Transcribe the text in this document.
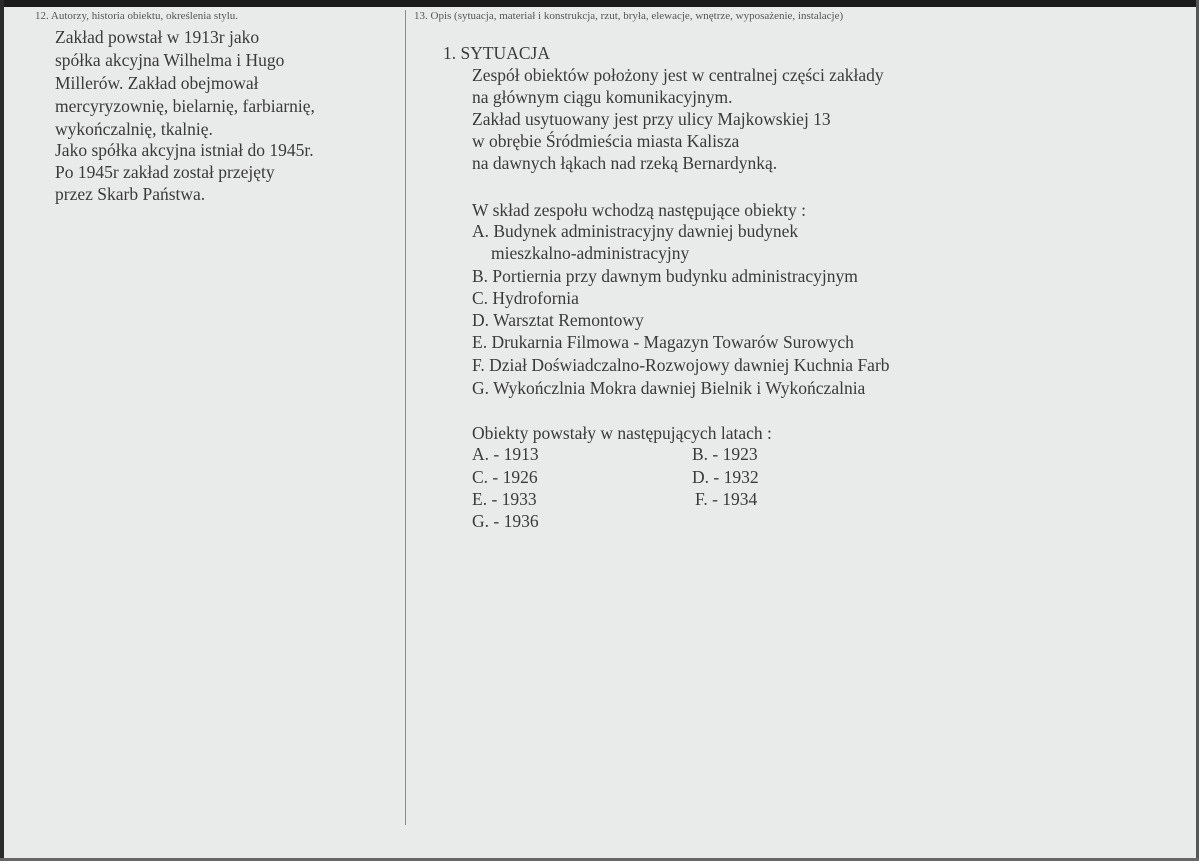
12. Autorzy, historia obiektu, określenia stylu.
Zakład powstał w 1913r jako
spółka akcyjna Wilhelma i Hugo
Millerów. Zakład obejmował
mercyryzownię, bielarnię, farbiarnię,
wykończalnię, tkalnię.
Jako spółka akcyjna istniał do 1945r.
Po 1945r zakład został przejęty
przez Skarb Państwa.
13. Opis (sytuacja, materiał i konstrukcja, rzut, bryła, elewacje, wnętrze, wyposażenie, instalacje)
1. SYTUACJA
Zespół obiektów położony jest w centralnej części zakłady
na głównym ciągu komunikacyjnym.
Zakład usytuowany jest przy ulicy Majkowskiej 13
w obrębie Śródmieścia miasta Kalisza
na dawnych łąkach nad rzeką Bernardynką.
W skład zespołu wchodzą następujące obiekty :
A. Budynek administracyjny dawniej budynek
mieszkalno-administracyjny
B. Portiernia przy dawnym budynku administracyjnym
C. Hydrofornia
D. Warsztat Remontowy
E. Drukarnia Filmowa - Magazyn Towarów Surowych
F. Dział Doświadczalno-Rozwojowy dawniej Kuchnia Farb
G. Wykończlnia Mokra dawniej Bielnik i Wykończalnia
Obiekty powstały w następujących latach :
A. - 1913	B. - 1923
C. - 1926	D. - 1932
E. - 1933	F. - 1934
G. - 1936
